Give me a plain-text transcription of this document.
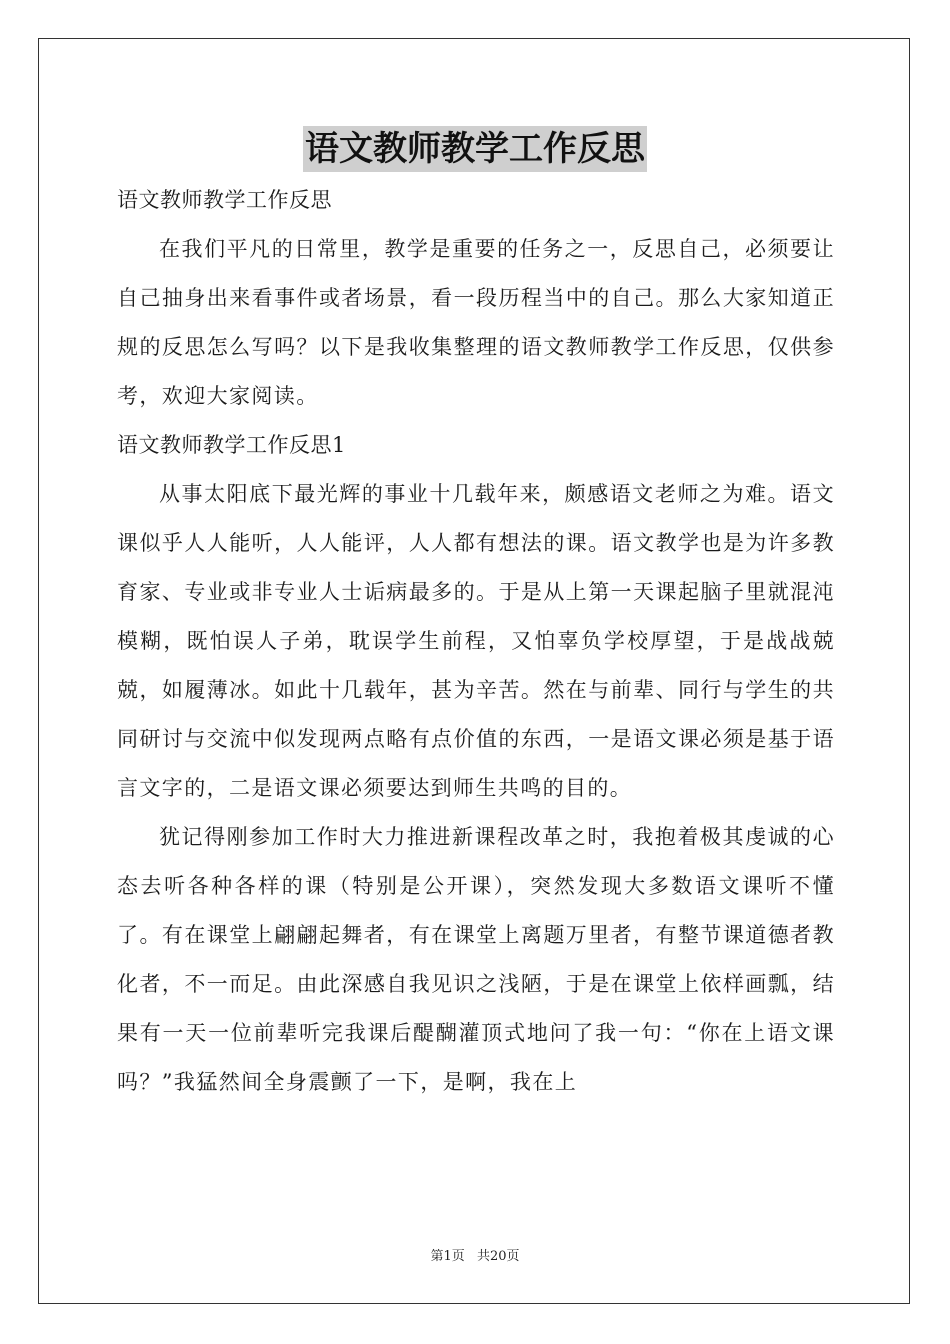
语文教师教学工作反思

语文教师教学工作反思

在我们平凡的日常里，教学是重要的任务之一，反思自己，必须要让自己抽身出来看事件或者场景，看一段历程当中的自己。那么大家知道正规的反思怎么写吗？以下是我收集整理的语文教师教学工作反思，仅供参考，欢迎大家阅读。

语文教师教学工作反思1

从事太阳底下最光辉的事业十几载年来，颇感语文老师之为难。语文课似乎人人能听，人人能评，人人都有想法的课。语文教学也是为许多教育家、专业或非专业人士诟病最多的。于是从上第一天课起脑子里就混沌模糊，既怕误人子弟，耽误学生前程，又怕辜负学校厚望，于是战战兢兢，如履薄冰。如此十几载年，甚为辛苦。然在与前辈、同行与学生的共同研讨与交流中似发现两点略有点价值的东西，一是语文课必须是基于语言文字的，二是语文课必须要达到师生共鸣的目的。

犹记得刚参加工作时大力推进新课程改革之时，我抱着极其虔诚的心态去听各种各样的课（特别是公开课），突然发现大多数语文课听不懂了。有在课堂上翩翩起舞者，有在课堂上离题万里者，有整节课道德者教化者，不一而足。由此深感自我见识之浅陋，于是在课堂上依样画瓢，结果有一天一位前辈听完我课后醍醐灌顶式地问了我一句：“你在上语文课吗？”我猛然间全身震颤了一下，是啊，我在上

第1页 共20页
